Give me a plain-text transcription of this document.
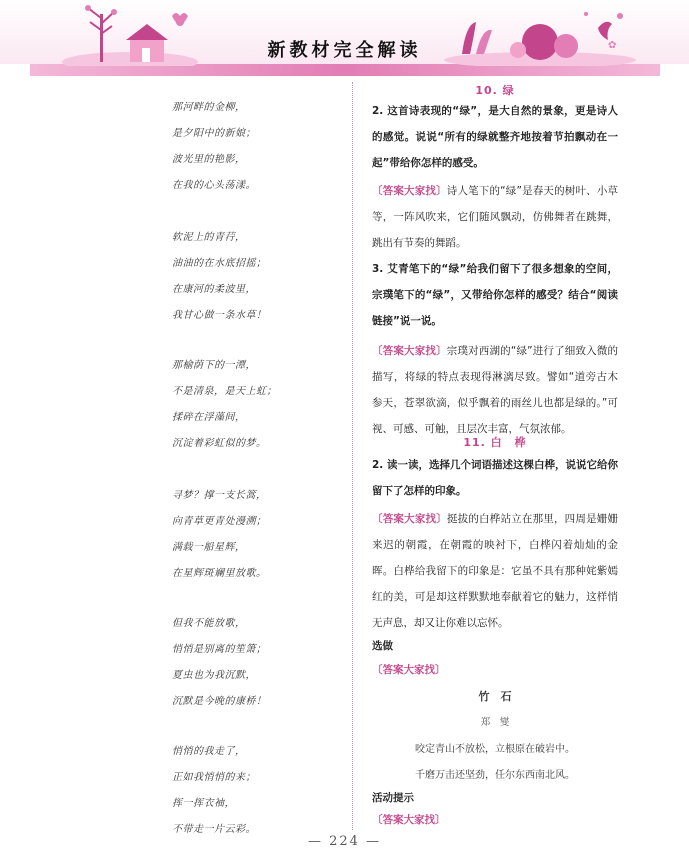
✿
新教材完全解读
那河畔的金柳，
是夕阳中的新娘；
波光里的艳影，
在我的心头荡漾。
软泥上的青荇，
油油的在水底招摇；
在康河的柔波里，
我甘心做一条水草！
那榆荫下的一潭，
不是清泉，是天上虹；
揉碎在浮藻间，
沉淀着彩虹似的梦。
寻梦？撑一支长篙，
向青草更青处漫溯；
满载一船星辉，
在星辉斑斓里放歌。
但我不能放歌，
悄悄是别离的笙箫；
夏虫也为我沉默，
沉默是今晚的康桥！
悄悄的我走了，
正如我悄悄的来；
挥一挥衣袖，
不带走一片云彩。
10. 绿
2. 这首诗表现的“绿”，是大自然的景象，更是诗人的感觉。说说“所有的绿就整齐地按着节拍飘动在一起”带给你怎样的感受。
〔答案大家找〕诗人笔下的“绿”是春天的树叶、小草等，一阵风吹来，它们随风飘动，仿佛舞者在跳舞，跳出有节奏的舞蹈。
3. 艾青笔下的“绿”给我们留下了很多想象的空间，宗璞笔下的“绿”，又带给你怎样的感受？结合“阅读链接”说一说。
〔答案大家找〕宗璞对西湖的“绿”进行了细致入微的描写，将绿的特点表现得淋漓尽致。譬如“道旁古木参天，苍翠欲滴，似乎飘着的雨丝儿也都是绿的。”可视、可感、可触，且层次丰富，气氛浓郁。
11. 白　桦
2. 读一读，选择几个词语描述这棵白桦，说说它给你留下了怎样的印象。
〔答案大家找〕挺拔的白桦站立在那里，四周是姗姗来迟的朝霞，在朝霞的映衬下，白桦闪着灿灿的金晖。白桦给我留下的印象是：它虽不具有那种姹紫嫣红的美，可是却这样默默地奉献着它的魅力，这样悄无声息，却又让你难以忘怀。
选做
〔答案大家找〕
竹　石
郑　燮
咬定青山不放松，立根原在破岩中。
千磨万击还坚劲，任尔东西南北风。
活动提示
〔答案大家找〕
— 224 —
